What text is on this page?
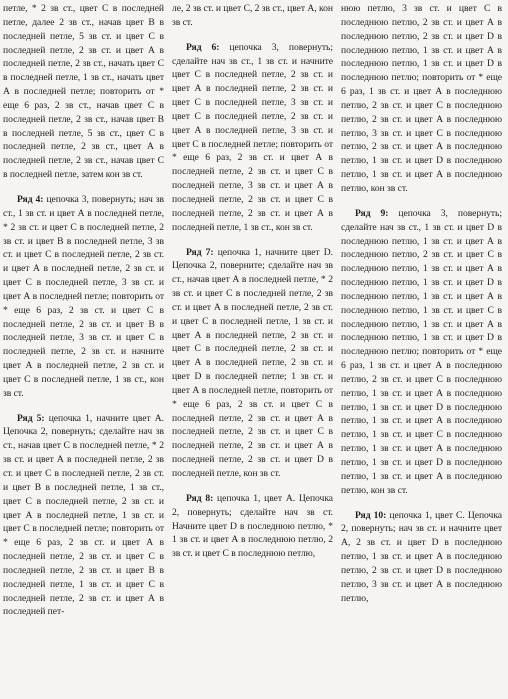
петле, * 2 зв ст., цвет С в последней петле, далее 2 зв ст., начав цвет В в последней петле, 5 зв ст. и цвет С в последней петле, 2 зв ст. и цвет А в последней петле, 2 зв ст., начать цвет С в последней петле, 1 зв ст., начать цвет А в последней петле; повторить от * еще 6 раз, 2 зв ст., начав цвет С в последней петле, 2 зв ст., начав цвет В в последней петле, 5 зв ст., цвет С в последней петле, 2 зв ст., цвет А в последней петле, 2 зв ст., начав цвет С в последней петле, затем кон зв ст.

Ряд 4: цепочка 3, повернуть; нач зв ст., 1 зв ст. и цвет А в последней петле, * 2 зв ст. и цвет С в последней петле, 2 зв ст. и цвет В в последней петле, 3 зв ст. и цвет С в последней петле, 2 зв ст. и цвет А в последней петле, 2 зв ст. и цвет С в последней петле, 3 зв ст. и цвет А в последней петле; повторить от * еще 6 раз, 2 зв ст. и цвет С в последней петле, 2 зв ст. и цвет В в последней петле, 3 зв ст. и цвет С в последней петле, 2 зв ст. и начните цвет А в последней петле, 2 зв ст. и цвет С в последней петле, 1 зв ст., кон зв ст.

Ряд 5: цепочка 1, начните цвет А. Цепочка 2, повернуть; сделайте нач зв ст., начав цвет С в последней петле, * 2 зв ст. и цвет А в последней петле, 2 зв ст. и цвет С в последней петле, 2 зв ст. и цвет В в последней петле, 1 зв ст., цвет С в последней петле, 2 зв ст. и цвет А в последней петле, 1 зв ст. и цвет С в последней петле; повторить от * еще 6 раз, 2 зв ст. и цвет А в последней петле, 2 зв ст. и цвет С в последней петле, 2 зв ст. и цвет В в последней петле, 1 зв ст. и цвет С в последней петле, 2 зв ст. и цвет А в последней пет-

ле, 2 зв ст. и цвет С, 2 зв ст., цвет А, кон зв ст.

Ряд 6: цепочка 3, повернуть; сделайте нач зв ст., 1 зв ст. и начните цвет С в последней петле, 2 зв ст. и цвет А в последней петле, 2 зв ст. и цвет С в последней петле, 3 зв ст. и цвет С в последней петле, 2 зв ст. и цвет А в последней петле, 3 зв ст. и цвет С в последней петле; повторить от * еще 6 раз, 2 зв ст. и цвет А в последней петле, 2 зв ст. и цвет С в последней петле, 3 зв ст. и цвет А в последней петле, 2 зв ст. и цвет С в последней петле, 2 зв ст. и цвет А в последней петле, 1 зв ст., кон зв ст.

Ряд 7: цепочка 1, начните цвет D. Цепочка 2, поверните; сделайте нач зв ст., начав цвет А в последней петле, * 2 зв ст. и цвет С в последней петле, 2 зв ст. и цвет А в последней петле, 2 зв ст. и цвет С в последней петле, 1 зв ст. и цвет А в последней петле, 2 зв ст. и цвет С в последней петле, 2 зв ст. и цвет А в последней петле, 2 зв ст. и цвет D в последней петле; 1 зв ст. и цвет А в последней петле, повторить от * еще 6 раз, 2 зв ст. и цвет С в последней петле, 2 зв ст. и цвет А в последней петле, 2 зв ст. и цвет С в последней петле, 2 зв ст. и цвет А в последней петле, 2 зв ст. и цвет D в последней петле, кон зв ст.

Ряд 8: цепочка 1, цвет А. Цепочка 2, повернуть; сделайте нач зв ст. Начните цвет D в последнюю петлю, * 1 зв ст. и цвет А в последнюю петлю, 2 зв ст. и цвет С в последнюю петлю,

нюю петлю, 3 зв ст. и цвет С в последнюю петлю, 2 зв ст. и цвет А в последнюю петлю, 2 зв ст. и цвет D в последнюю петлю, 1 зв ст. и цвет А в последнюю петлю, 1 зв ст. и цвет D в последнюю петлю; повторить от * еще 6 раз, 1 зв ст. и цвет А в последнюю петлю, 2 зв ст. и цвет С в последнюю петлю, 2 зв ст. и цвет А в последнюю петлю, 3 зв ст. и цвет С в последнюю петлю, 2 зв ст. и цвет А в последнюю петлю, 1 зв ст. и цвет D в последнюю петлю, 1 зв ст. и цвет А в последнюю петлю, кон зв ст.

Ряд 9: цепочка 3, повернуть; сделайте нач зв ст., 1 зв ст. и цвет D в последнюю петлю, 1 зв ст. и цвет А в последнюю петлю, 2 зв ст. и цвет С в последнюю петлю, 1 зв ст. и цвет А в последнюю петлю, 1 зв ст. и цвет D в последнюю петлю, 1 зв ст. и цвет А в последнюю петлю, 1 зв ст. и цвет С в последнюю петлю, 1 зв ст. и цвет А в последнюю петлю, 1 зв ст. и цвет D в последнюю петлю; повторить от * еще 6 раз, 1 зв ст. и цвет А в последнюю петлю, 2 зв ст. и цвет С в последнюю петлю, 1 зв ст. и цвет А в последнюю петлю, 1 зв ст. и цвет D в последнюю петлю, 1 зв ст. и цвет А в последнюю петлю, 1 зв ст. и цвет С в последнюю петлю, 1 зв ст. и цвет А в последнюю петлю, 1 зв ст. и цвет D в последнюю петлю, 1 зв ст. и цвет А в последнюю петлю, кон зв ст.

Ряд 10: цепочка 1, цвет С. Цепочка 2, повернуть; нач зв ст. и начните цвет А, 2 зв ст. и цвет D в последнюю петлю, 1 зв ст. и цвет А в последнюю петлю, 2 зв ст. и цвет D в последнюю петлю, 3 зв ст. и цвет А в последнюю петлю,
